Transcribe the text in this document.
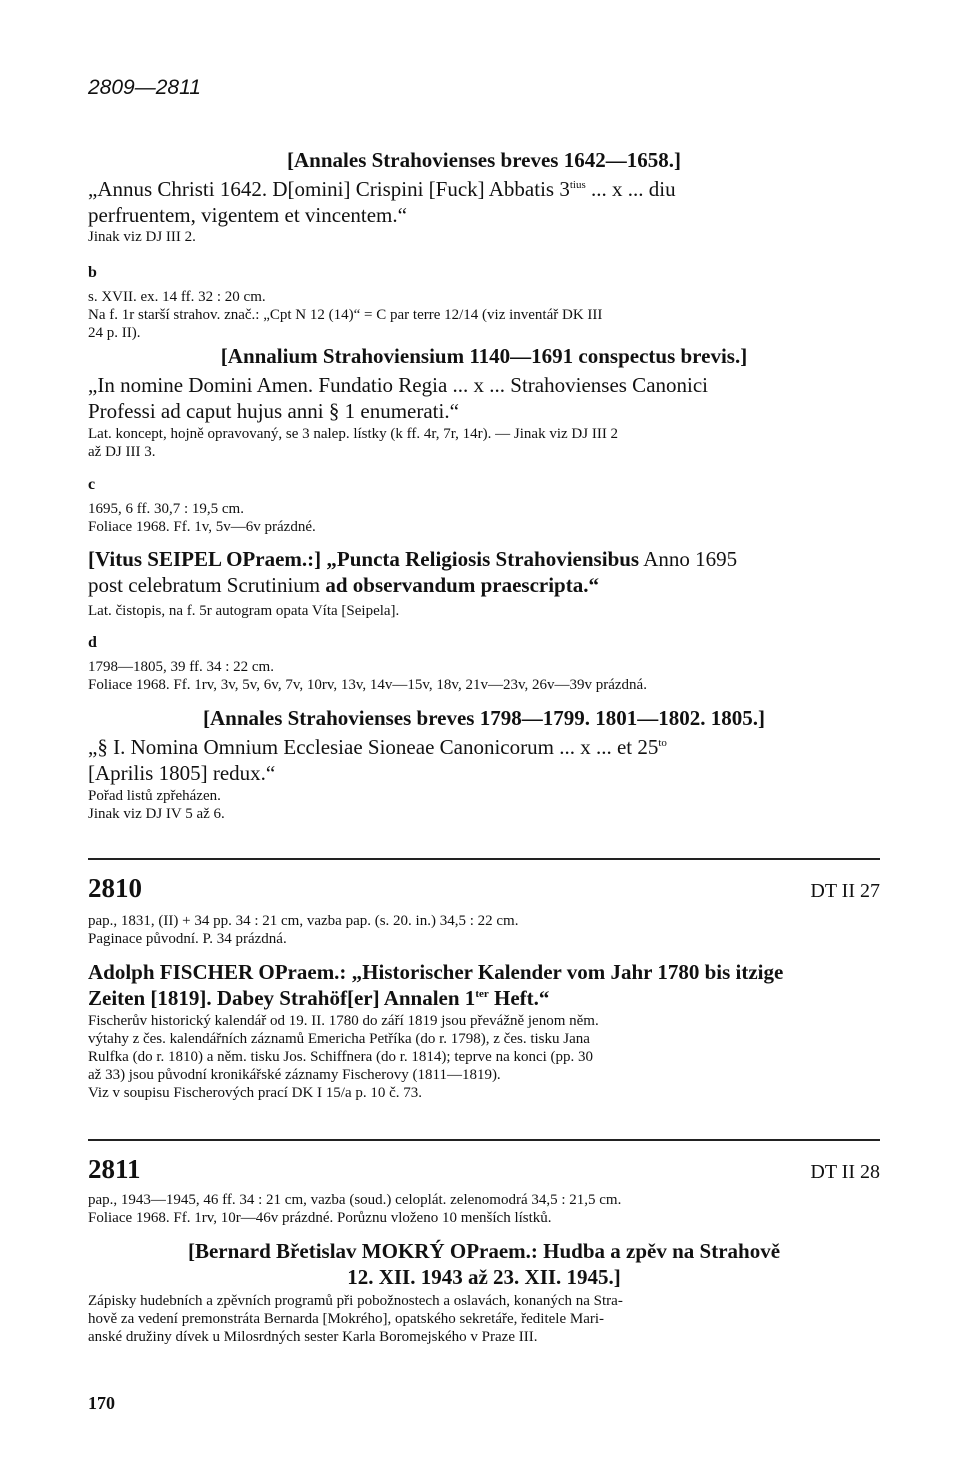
2809—2811
[Annales Strahovienses breves 1642—1658.]
„Annus Christi 1642. D[omini] Crispini [Fuck] Abbatis $3^{tius}$ ... x ... diu
perfruentem, vigentem et vincentem.“
Jinak viz DJ III 2.
b
s. XVII. ex. 14 ff. 32 : 20 cm.
Na f. 1r starší strahov. znač.: „Cpt N 12 (14)“ = C par terre 12/14 (viz inventář DK III
24 p. II).
[Annalium Strahoviensium 1140—1691 conspectus brevis.]
„In nomine Domini Amen. Fundatio Regia ... x ... Strahovienses Canonici
Professi ad caput hujus anni § 1 enumerati.“
Lat. koncept, hojně opravovaný, se 3 nalep. lístky (k ff. 4r, 7r, 14r). — Jinak viz DJ III 2
až DJ III 3.
c
1695, 6 ff. 30,7 : 19,5 cm.
Foliace 1968. Ff. 1v, 5v—6v prázdné.
[Vitus SEIPEL OPraem.:] „Puncta Religiosis Strahoviensibus Anno 1695
post celebratum Scrutinium ad observandum praescripta.“
Lat. čistopis, na f. 5r autogram opata Víta [Seipela].
d
1798—1805, 39 ff. 34 : 22 cm.
Foliace 1968. Ff. 1rv, 3v, 5v, 6v, 7v, 10rv, 13v, 14v—15v, 18v, 21v—23v, 26v—39v prázdná.
[Annales Strahovienses breves 1798—1799. 1801—1802. 1805.]
„§ I. Nomina Omnium Ecclesiae Sioneae Canonicorum ... x ... et $25^{to}$
[Aprilis 1805] redux.“
Pořad listů zpřeházen.
Jinak viz DJ IV 5 až 6.
2810	DT II 27
pap., 1831, (II) + 34 pp. 34 : 21 cm, vazba pap. (s. 20. in.) 34,5 : 22 cm.
Paginace původní. P. 34 prázdná.
Adolph FISCHER OPraem.: „Historischer Kalender vom Jahr 1780 bis itzige
Zeiten [1819]. Dabey Strahöf[er] Annalen $1^{ter}$ Heft.“
Fischerův historický kalendář od 19. II. 1780 do září 1819 jsou převážně jenom něm.
výtahy z čes. kalendářních záznamů Emericha Petříka (do r. 1798), z čes. tisku Jana
Rulfka (do r. 1810) a něm. tisku Jos. Schiffnera (do r. 1814); teprve na konci (pp. 30
až 33) jsou původní kronikářské záznamy Fischerovy (1811—1819).
Viz v soupisu Fischerových prací DK I 15/a p. 10 č. 73.
2811	DT II 28
pap., 1943—1945, 46 ff. 34 : 21 cm, vazba (soud.) celoplát. zelenomodrá 34,5 : 21,5 cm.
Foliace 1968. Ff. 1rv, 10r—46v prázdné. Porůznu vloženo 10 menších lístků.
[Bernard Břetislav MOKRÝ OPraem.: Hudba a zpěv na Strahově
12. XII. 1943 až 23. XII. 1945.]
Zápisky hudebních a zpěvních programů při pobožnostech a oslavách, konaných na Stra-
hově za vedení premonstráta Bernarda [Mokrého], opatského sekretáře, ředitele Mari-
anské družiny dívek u Milosrdných sester Karla Boromejského v Praze III.
170
